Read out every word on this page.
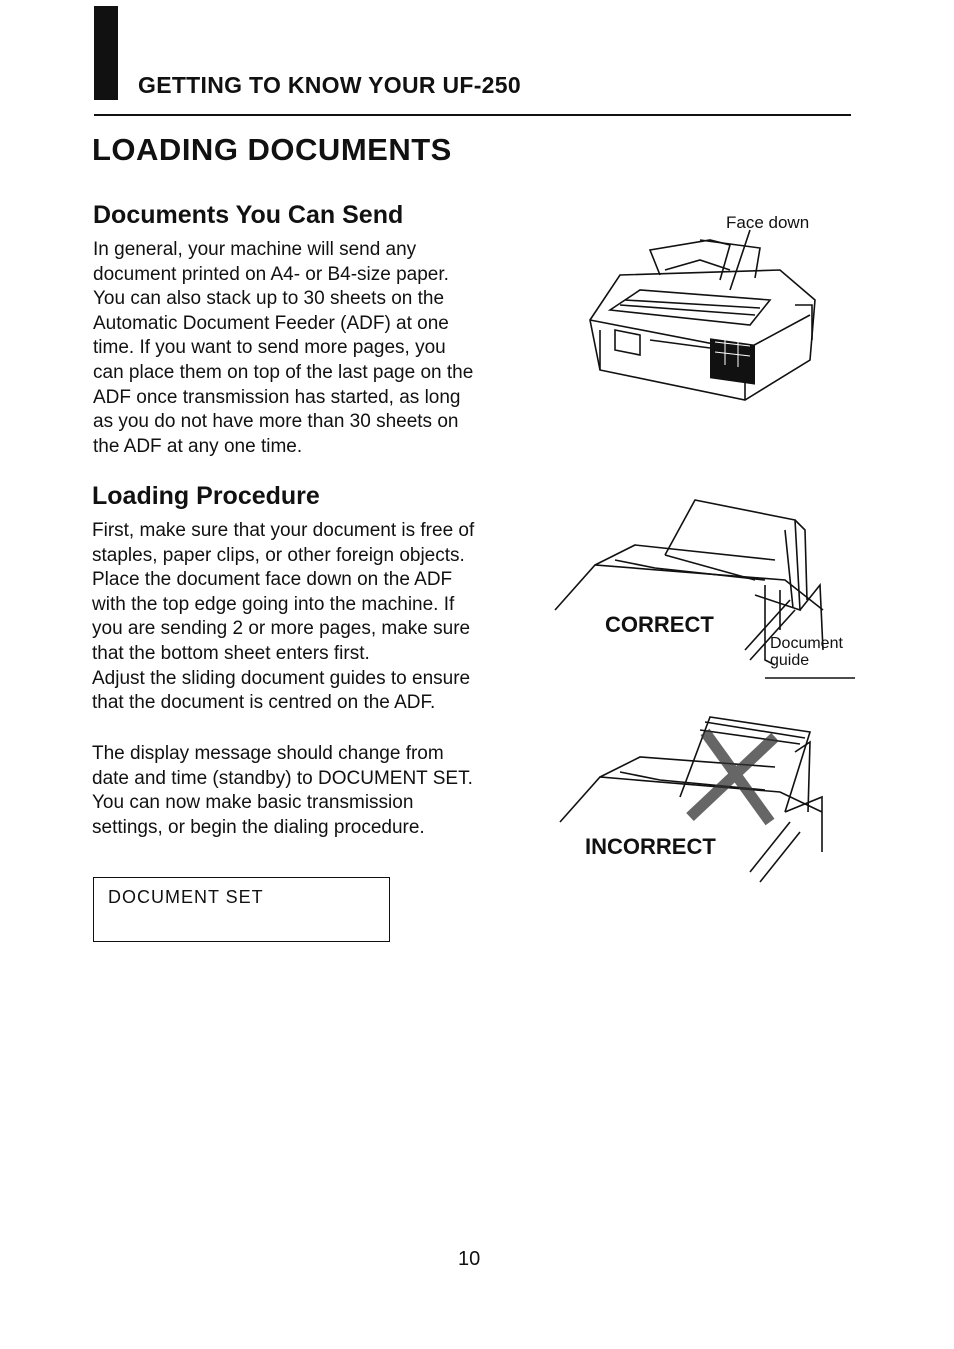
GETTING TO KNOW YOUR UF-250
LOADING DOCUMENTS
Documents You Can Send
In general, your machine will send any
document printed on A4- or B4-size paper.
You can also stack up to 30 sheets on the
Automatic Document Feeder (ADF) at one
time. If you want to send more pages, you
can place them on top of the last page on the
ADF once transmission has started, as long
as you do not have more than 30 sheets on
the ADF at any one time.
Loading Procedure
First, make sure that your document is free of
staples, paper clips, or other foreign objects.
Place the document face down on the ADF
with the top edge going into the machine. If
you are sending 2 or more pages, make sure
that the bottom sheet enters first.
Adjust the sliding document guides to ensure
that the document is centred on the ADF.
The display message should change from
date and time (standby) to DOCUMENT SET.
You can now make basic transmission
settings, or begin the dialing procedure.
DOCUMENT SET
Face down
CORRECT
Document
guide
INCORRECT
10
